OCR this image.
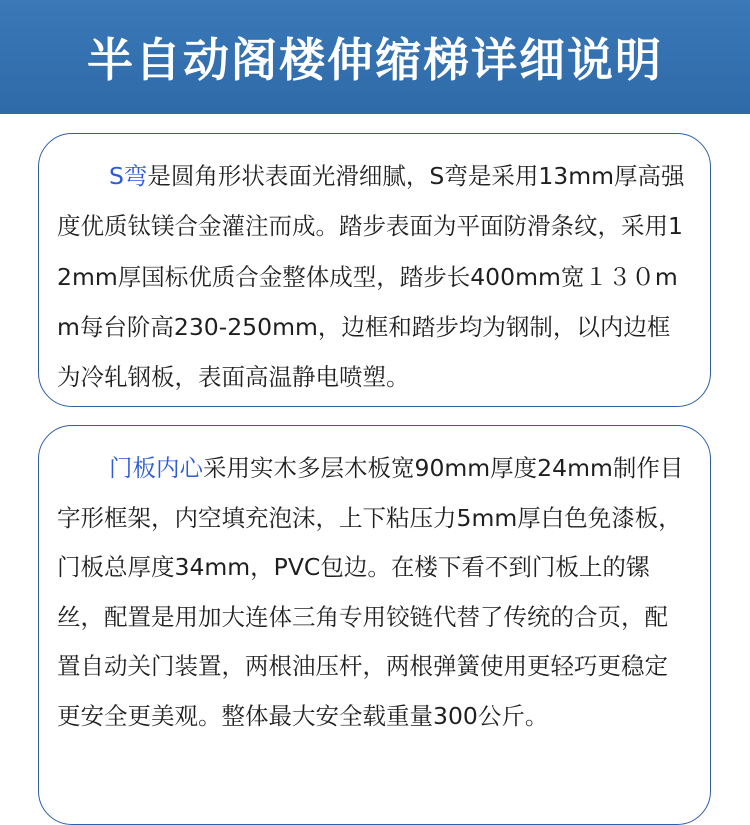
半自动阁楼伸缩梯详细说明

S弯是圆角形状表面光滑细腻，S弯是采用13mm厚高强度优质钛镁合金灌注而成。踏步表面为平面防滑条纹，采用12mm厚国标优质合金整体成型，踏步长400mm宽１３０mm每台阶高230-250mm，边框和踏步均为钢制，以内边框为冷轧钢板，表面高温静电喷塑。

门板内心采用实木多层木板宽90mm厚度24mm制作目字形框架，内空填充泡沫，上下粘压力5mm厚白色免漆板，门板总厚度34mm，PVC包边。在楼下看不到门板上的镙丝，配置是用加大连体三角专用铰链代替了传统的合页，配置自动关门装置，两根油压杆，两根弹簧使用更轻巧更稳定更安全更美观。整体最大安全载重量300公斤。
